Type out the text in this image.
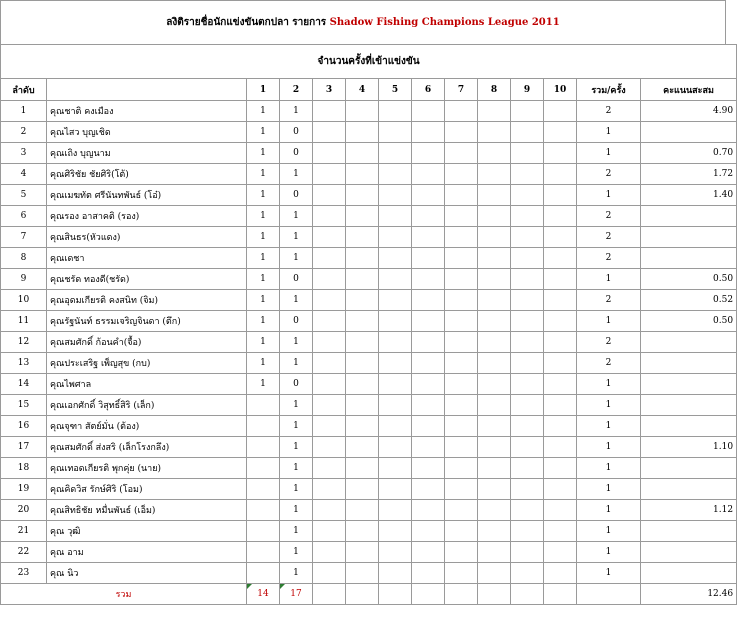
ลงิติรายชื่อนักแข่งขันตกปลา รายการ Shadow Fishing Champions League 2011
จำนวนครั้งที่เข้าแข่งขัน													
ลำดับ		1	2	3	4	5	6	7	8	9	10	รวม/ครั้ง	คะแนนสะสม
1	คุณชาติ คงเมือง	1	1									2	4.90
2	คุณไสว บุญเชิด	1	0									1	
3	คุณเถิง บุญนาม	1	0									1	0.70
4	คุณศิริชัย ชัยศิริ(โต้)	1	1									2	1.72
5	คุณเมฆทัต ศรีนันทพันธ์ (โอ๋)	1	0									1	1.40
6	คุณรอง อาสาคติ (รอง)	1	1									2	
7	คุณสินธร(หัวแดง)	1	1									2	
8	คุณเดชา	1	1									2	
9	คุณชรัด ทองดี(ชรัด)	1	0									1	0.50
10	คุณอุดมเกียรติ คงสนิท (จิม)	1	1									2	0.52
11	คุณรัฐนันท์ ธรรมเจริญจินดา (ตึก)	1	0									1	0.50
12	คุณสมศักดิ์ ก้อนคำ(จื้อ)	1	1									2	
13	คุณประเสริฐ เพ็ญสุข (กบ)	1	1									2	
14	คุณไพศาล	1	0									1	
15	คุณเอกศักดิ์ วิสุทธิ์สิริ (เล็ก)		1									1	
16	คุณจุฑา สัตย์มั่น (ต้อง)		1									1	
17	คุณสมศักดิ์ ส่งสริ (เล็กโรงกลึง)		1									1	1.10
18	คุณเทอดเกียรติ พุกคุ่ย (นาย)		1									1	
19	คุณคิดวิส รักษ์ศิริ (โอม)		1									1	
20	คุณสิทธิชัย หมื่นพันธ์ (เอ็ม)		1									1	1.12
21	คุณ วุฒิ		1									1	
22	คุณ อาม		1									1	
23	คุณ นิว		1									1	
รวม		14	17										12.46
